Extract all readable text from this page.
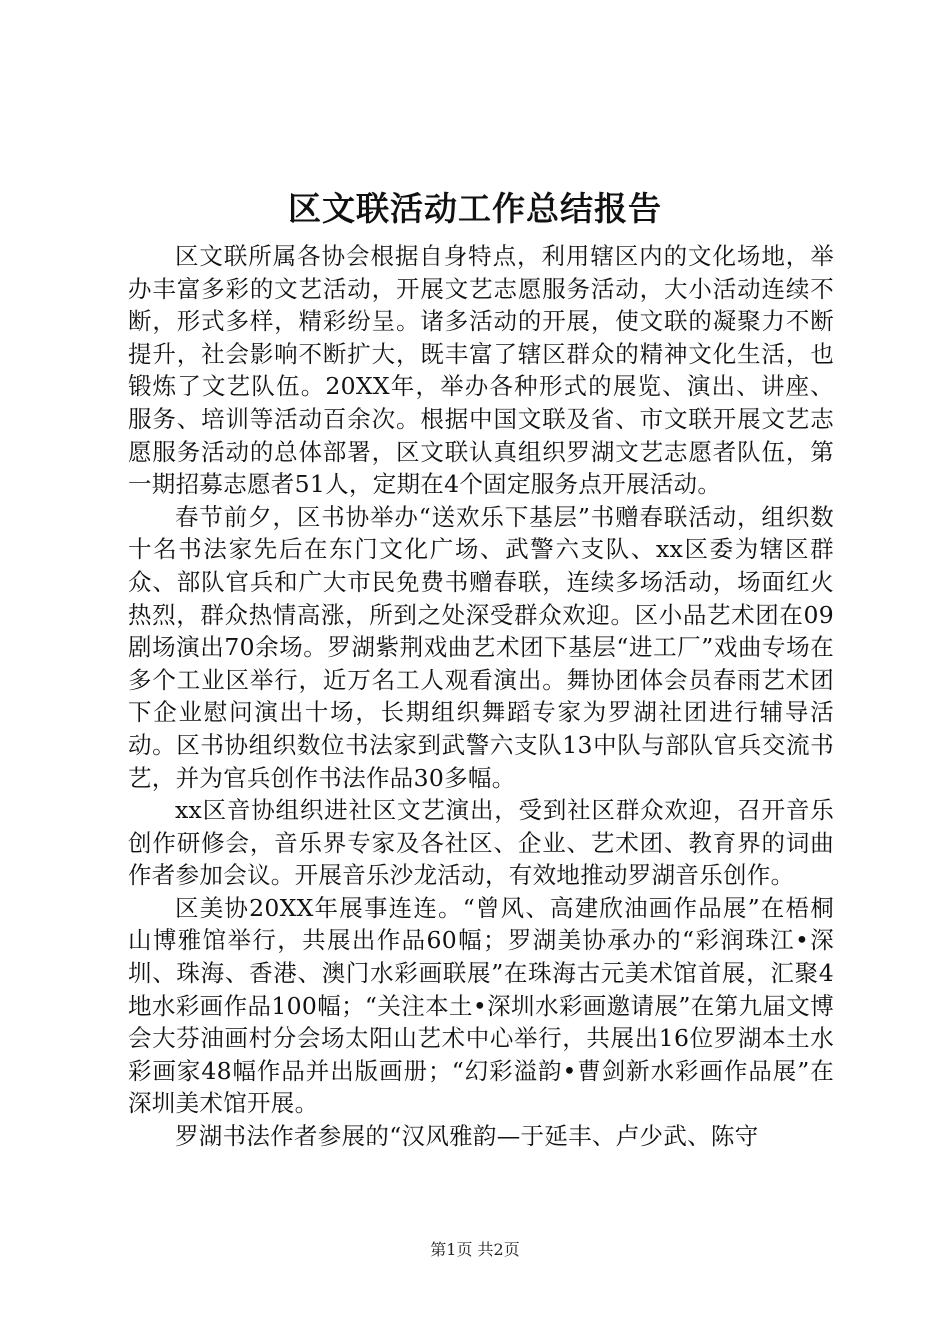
区文联活动工作总结报告

区文联所属各协会根据自身特点，利用辖区内的文化场地，举办丰富多彩的文艺活动，开展文艺志愿服务活动，大小活动连续不断，形式多样，精彩纷呈。诸多活动的开展，使文联的凝聚力不断提升，社会影响不断扩大，既丰富了辖区群众的精神文化生活，也锻炼了文艺队伍。20XX年，举办各种形式的展览、演出、讲座、服务、培训等活动百余次。根据中国文联及省、市文联开展文艺志愿服务活动的总体部署，区文联认真组织罗湖文艺志愿者队伍，第一期招募志愿者51人，定期在4个固定服务点开展活动。

春节前夕，区书协举办“送欢乐下基层”书赠春联活动，组织数十名书法家先后在东门文化广场、武警六支队、xx区委为辖区群众、部队官兵和广大市民免费书赠春联，连续多场活动，场面红火热烈，群众热情高涨，所到之处深受群众欢迎。区小品艺术团在09剧场演出70余场。罗湖紫荆戏曲艺术团下基层“进工厂”戏曲专场在多个工业区举行，近万名工人观看演出。舞协团体会员春雨艺术团下企业慰问演出十场，长期组织舞蹈专家为罗湖社团进行辅导活动。区书协组织数位书法家到武警六支队13中队与部队官兵交流书艺，并为官兵创作书法作品30多幅。

xx区音协组织进社区文艺演出，受到社区群众欢迎，召开音乐创作研修会，音乐界专家及各社区、企业、艺术团、教育界的词曲作者参加会议。开展音乐沙龙活动，有效地推动罗湖音乐创作。

区美协20XX年展事连连。“曾风、高建欣油画作品展”在梧桐山博雅馆举行，共展出作品60幅；罗湖美协承办的“彩润珠江•深圳、珠海、香港、澳门水彩画联展”在珠海古元美术馆首展，汇聚4地水彩画作品100幅；“关注本土•深圳水彩画邀请展”在第九届文博会大芬油画村分会场太阳山艺术中心举行，共展出16位罗湖本土水彩画家48幅作品并出版画册；“幻彩溢韵•曹剑新水彩画作品展”在深圳美术馆开展。

罗湖书法作者参展的“汉风雅韵—于延丰、卢少武、陈守

第1页 共2页
